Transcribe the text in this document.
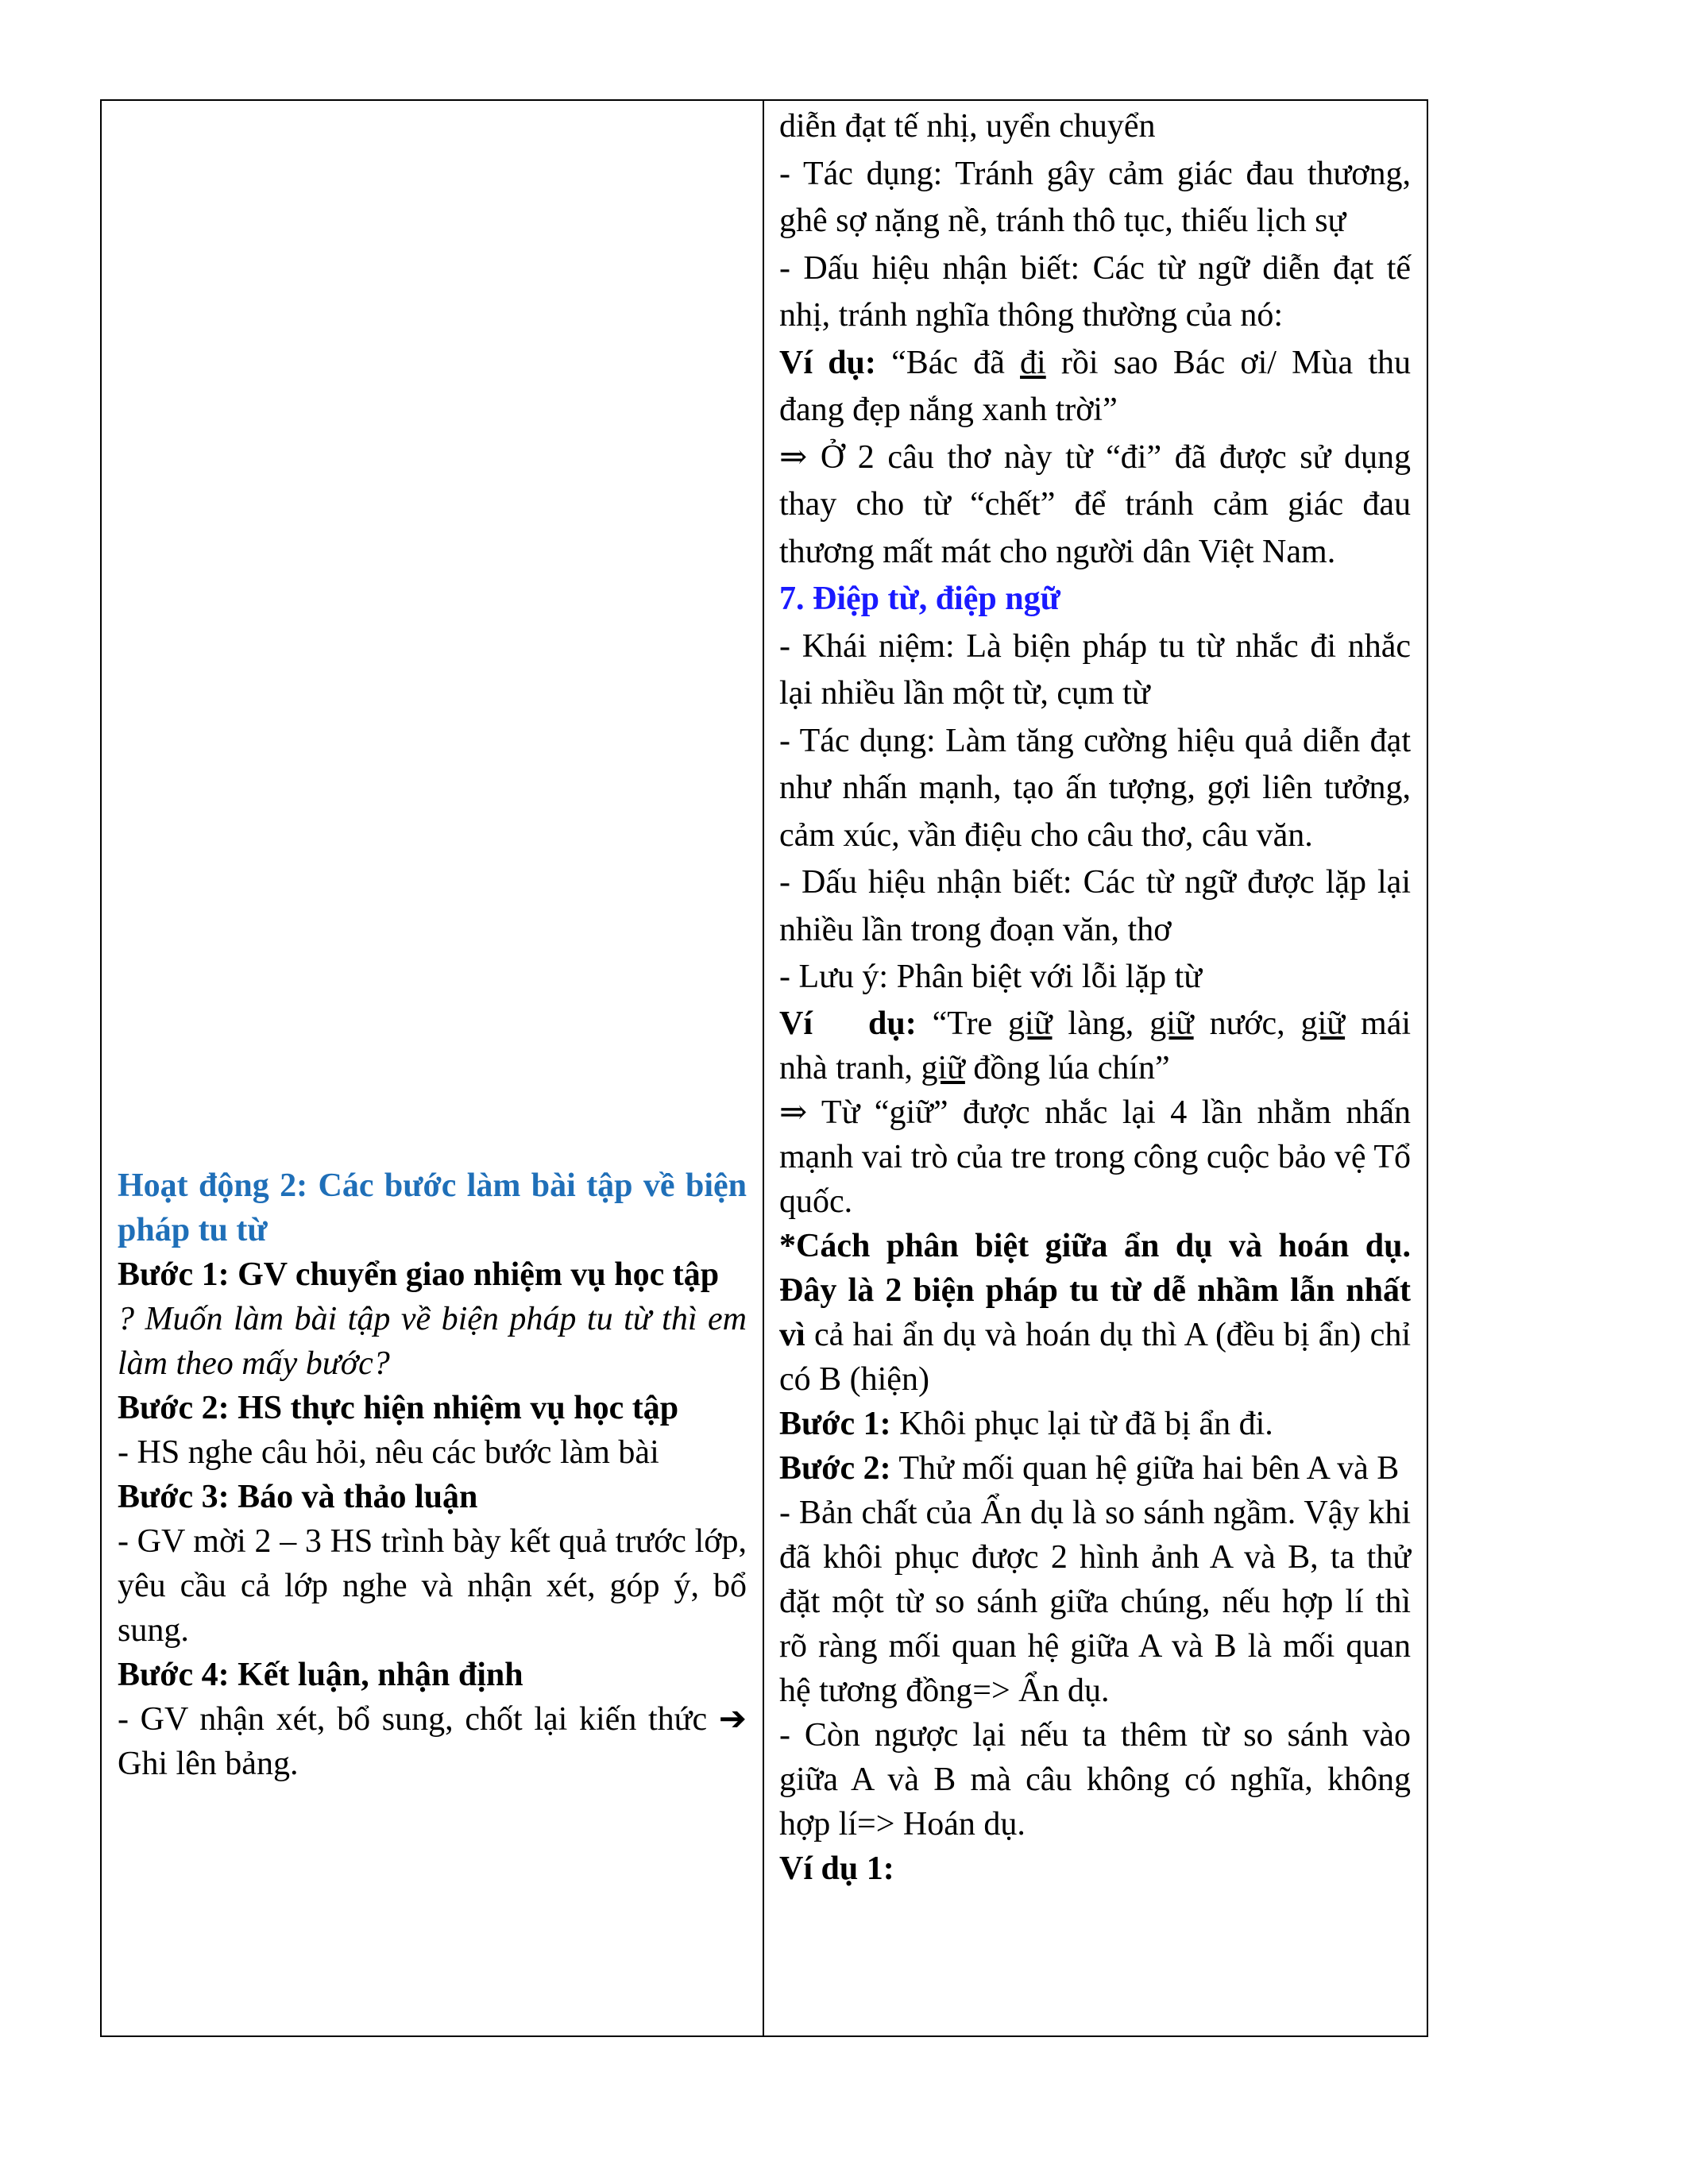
Hoạt động 2: Các bước làm bài tập về biện pháp tu từ

Bước 1: GV chuyển giao nhiệm vụ học tập

? Muốn làm bài tập về biện pháp tu từ thì em làm theo mấy bước?

Bước 2: HS thực hiện nhiệm vụ học tập

- HS nghe câu hỏi, nêu các bước làm bài

Bước 3: Báo và thảo luận

- GV mời 2 – 3 HS trình bày kết quả trước lớp, yêu cầu cả lớp nghe và nhận xét, góp ý, bổ sung.

Bước 4: Kết luận, nhận định

- GV nhận xét, bổ sung, chốt lại kiến thức ➔ Ghi lên bảng.

diễn đạt tế nhị, uyển chuyển

- Tác dụng: Tránh gây cảm giác đau thương, ghê sợ nặng nề, tránh thô tục, thiếu lịch sự

- Dấu hiệu nhận biết: Các từ ngữ diễn đạt tế nhị, tránh nghĩa thông thường của nó:

Ví dụ: “Bác đã đi rồi sao Bác ơi/ Mùa thu đang đẹp nắng xanh trời”

⇒ Ở 2 câu thơ này từ “đi” đã được sử dụng thay cho từ “chết” để tránh cảm giác đau thương mất mát cho người dân Việt Nam.

7. Điệp từ, điệp ngữ

- Khái niệm: Là biện pháp tu từ nhắc đi nhắc lại nhiều lần một từ, cụm từ

- Tác dụng: Làm tăng cường hiệu quả diễn đạt như nhấn mạnh, tạo ấn tượng, gợi liên tưởng, cảm xúc, vần điệu cho câu thơ, câu văn.

- Dấu hiệu nhận biết: Các từ ngữ được lặp lại nhiều lần trong đoạn văn, thơ

- Lưu ý: Phân biệt với lỗi lặp từ

Ví dụ: “Tre giữ làng, giữ nước, giữ mái nhà tranh, giữ đồng lúa chín”

⇒ Từ “giữ” được nhắc lại 4 lần nhằm nhấn mạnh vai trò của tre trong công cuộc bảo vệ Tổ quốc.

*Cách phân biệt giữa ẩn dụ và hoán dụ. Đây là 2 biện pháp tu từ dễ nhầm lẫn nhất vì cả hai ẩn dụ và hoán dụ thì A (đều bị ẩn) chỉ có B (hiện)

Bước 1: Khôi phục lại từ đã bị ẩn đi.

Bước 2: Thử mối quan hệ giữa hai bên A và B

- Bản chất của Ẩn dụ là so sánh ngầm. Vậy khi đã khôi phục được 2 hình ảnh A và B, ta thử đặt một từ so sánh giữa chúng, nếu hợp lí thì rõ ràng mối quan hệ giữa A và B là mối quan hệ tương đồng=> Ẩn dụ.

- Còn ngược lại nếu ta thêm từ so sánh vào giữa A và B mà câu không có nghĩa, không hợp lí=> Hoán dụ.

Ví dụ 1:
